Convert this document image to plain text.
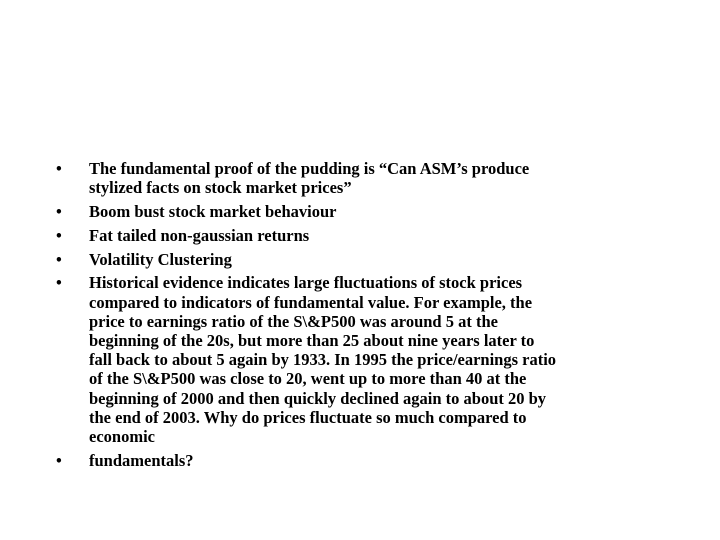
• The fundamental proof of the pudding is “Can ASM’s produce
stylized facts on stock market prices”
• Boom bust stock market behaviour
• Fat tailed non-gaussian returns
• Volatility Clustering
• Historical evidence indicates large fluctuations of stock prices
compared to indicators of fundamental value. For example, the
price to earnings ratio of the S\&P500 was around 5 at the
beginning of the 20s, but more than 25 about nine years later to
fall back to about 5 again by 1933. In 1995 the price/earnings ratio
of the S\&P500 was close to 20, went up to more than 40 at the
beginning of 2000 and then quickly declined again to about 20 by
the end of 2003. Why do prices fluctuate so much compared to
economic
• fundamentals?
